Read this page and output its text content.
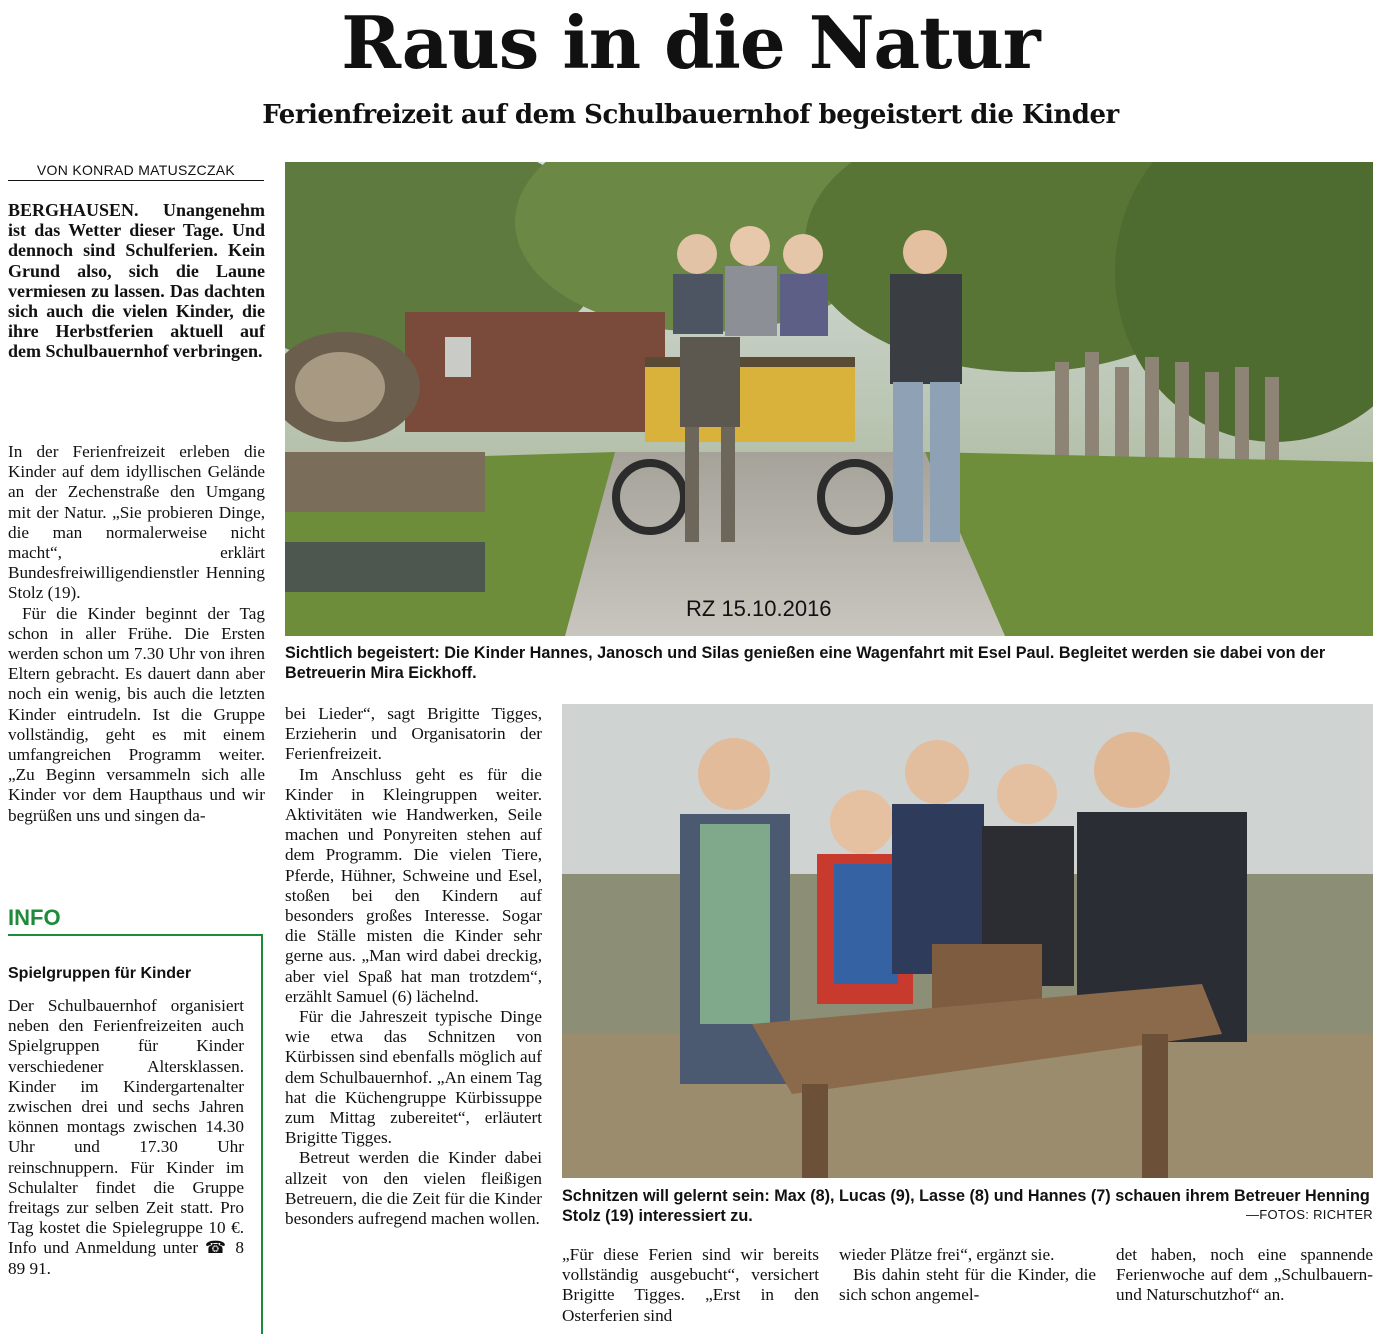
Raus in die Natur
Ferienfreizeit auf dem Schulbauernhof begeistert die Kinder
VON KONRAD MATUSZCZAK
BERGHAUSEN. Unangenehm ist das Wetter dieser Tage. Und dennoch sind Schulferien. Kein Grund also, sich die Laune vermiesen zu lassen. Das dachten sich auch die vielen Kinder, die ihre Herbstferien aktuell auf dem Schulbauernhof verbringen.

In der Ferienfreizeit erleben die Kinder auf dem idyllischen Gelände an der Zechenstraße den Umgang mit der Natur. „Sie probieren Dinge, die man normalerweise nicht macht“, erklärt Bundesfreiwilligendienstler Henning Stolz (19).

Für die Kinder beginnt der Tag schon in aller Frühe. Die Ersten werden schon um 7.30 Uhr von ihren Eltern gebracht. Es dauert dann aber noch ein wenig, bis auch die letzten Kinder eintrudeln. Ist die Gruppe vollständig, geht es mit einem umfangreichen Programm weiter. „Zu Beginn versammeln sich alle Kinder vor dem Haupthaus und wir begrüßen uns und singen da-

INFO
Spielgruppen für Kinder
Der Schulbauernhof organisiert neben den Ferienfreizeiten auch Spielgruppen für Kinder verschiedener Altersklassen. Kinder im Kindergartenalter zwischen drei und sechs Jahren können montags zwischen 14.30 Uhr und 17.30 Uhr reinschnuppern. Für Kinder im Schulalter findet die Gruppe freitags zur selben Zeit statt. Pro Tag kostet die Spielegruppe 10 €. Info und Anmeldung unter ☎ 8 89 91.

bei Lieder“, sagt Brigitte Tigges, Erzieherin und Organisatorin der Ferienfreizeit.

Im Anschluss geht es für die Kinder in Kleingruppen weiter. Aktivitäten wie Handwerken, Seile machen und Ponyreiten stehen auf dem Programm. Die vielen Tiere, Pferde, Hühner, Schweine und Esel, stoßen bei den Kindern auf besonders großes Interesse. Sogar die Ställe misten die Kinder sehr gerne aus. „Man wird dabei dreckig, aber viel Spaß hat man trotzdem“, erzählt Samuel (6) lächelnd.

Für die Jahreszeit typische Dinge wie etwa das Schnitzen von Kürbissen sind ebenfalls möglich auf dem Schulbauernhof. „An einem Tag hat die Küchengruppe Kürbissuppe zum Mittag zubereitet“, erläutert Brigitte Tigges.

Betreut werden die Kinder dabei allzeit von den vielen fleißigen Betreuern, die die Zeit für die Kinder besonders aufregend machen wollen.

RZ 15.10.2016
Sichtlich begeistert: Die Kinder Hannes, Janosch und Silas genießen eine Wagenfahrt mit Esel Paul. Begleitet werden sie dabei von der Betreuerin Mira Eickhoff.
Schnitzen will gelernt sein: Max (8), Lucas (9), Lasse (8) und Hannes (7) schauen ihrem Betreuer Henning Stolz (19) interessiert zu.	—FOTOS: RICHTER

„Für diese Ferien sind wir bereits vollständig ausgebucht“, versichert Brigitte Tigges. „Erst in den Osterferien sind

wieder Plätze frei“, ergänzt sie.

Bis dahin steht für die Kinder, die sich schon angemel-

det haben, noch eine spannende Ferienwoche auf dem „Schulbauern- und Naturschutzhof“ an.
